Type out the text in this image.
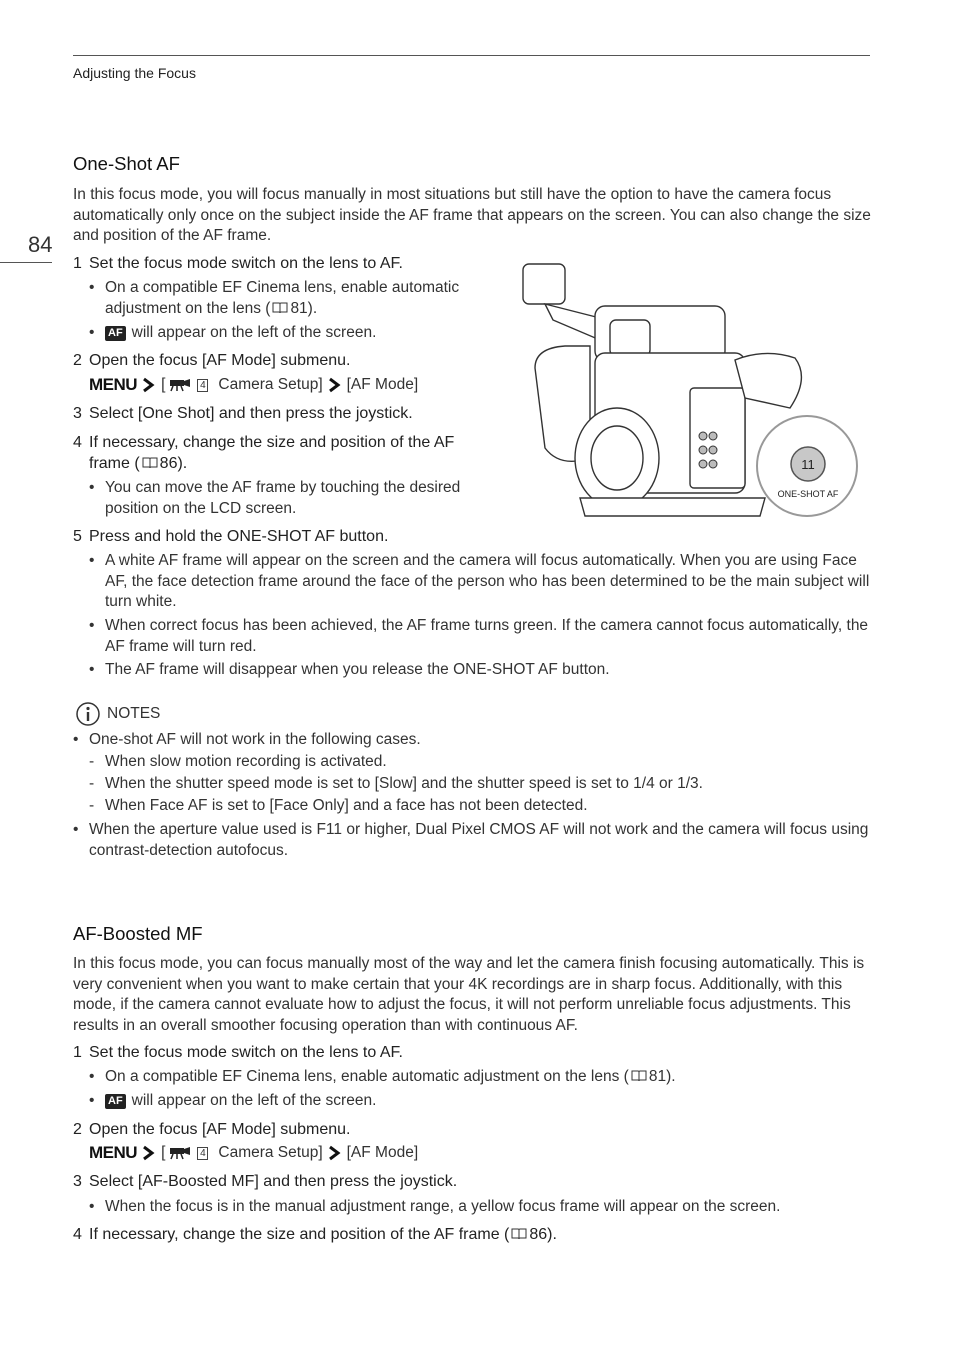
Adjusting the Focus
84
One-Shot AF
In this focus mode, you will focus manually in most situations but still have the option to have the camera focus automatically only once on the subject inside the AF frame that appears on the screen. You can also change the size and position of the AF frame.
1 Set the focus mode switch on the lens to AF.
• On a compatible EF Cinema lens, enable automatic
adjustment on the lens ( 81).
• AF will appear on the left of the screen.
2 Open the focus [AF Mode] submenu.
MENU [	4 Camera Setup] [AF Mode]
3 Select [One Shot] and then press the joystick.
4 If necessary, change the size and position of the AF
frame ( 86).
• You can move the AF frame by touching the desired
position on the LCD screen.
11
ONE-SHOT AF
5 Press and hold the ONE-SHOT AF button.
• A white AF frame will appear on the screen and the camera will focus automatically. When you are using Face AF, the face detection frame around the face of the person who has been determined to be the main subject will turn white.
• When correct focus has been achieved, the AF frame turns green. If the camera cannot focus automatically, the AF frame will turn red.
• The AF frame will disappear when you release the ONE-SHOT AF button.
NOTES
• One-shot AF will not work in the following cases.
- When slow motion recording is activated.
- When the shutter speed mode is set to [Slow] and the shutter speed is set to 1/4 or 1/3.
- When Face AF is set to [Face Only] and a face has not been detected.
• When the aperture value used is F11 or higher, Dual Pixel CMOS AF will not work and the camera will focus using contrast-detection autofocus.
AF-Boosted MF
In this focus mode, you can focus manually most of the way and let the camera finish focusing automatically. This is very convenient when you want to make certain that your 4K recordings are in sharp focus. Additionally, with this mode, if the camera cannot evaluate how to adjust the focus, it will not perform unreliable focus adjustments. This results in an overall smoother focusing operation than with continuous AF.
1 Set the focus mode switch on the lens to AF.
• On a compatible EF Cinema lens, enable automatic adjustment on the lens ( 81).
• AF will appear on the left of the screen.
2 Open the focus [AF Mode] submenu.
MENU [	4 Camera Setup] [AF Mode]
3 Select [AF-Boosted MF] and then press the joystick.
• When the focus is in the manual adjustment range, a yellow focus frame will appear on the screen.
4 If necessary, change the size and position of the AF frame ( 86).
